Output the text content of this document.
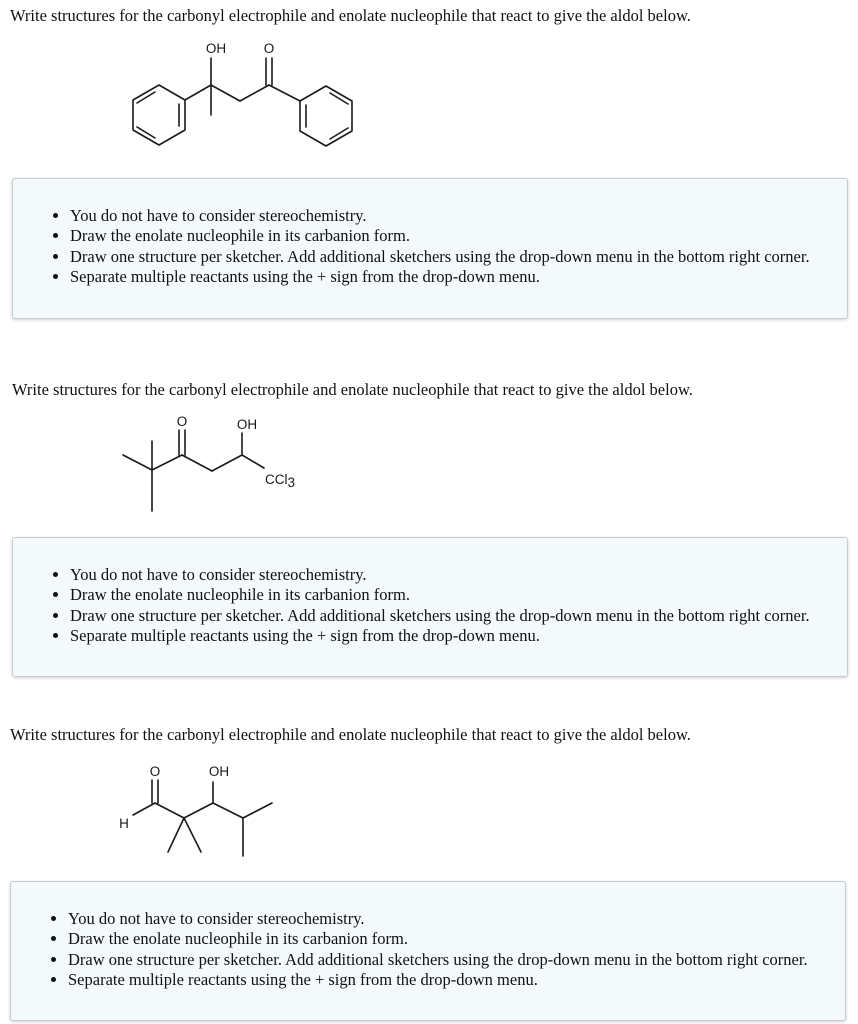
Write structures for the carbonyl electrophile and enolate nucleophile that react to give the aldol below.
OH	O
• You do not have to consider stereochemistry.
• Draw the enolate nucleophile in its carbanion form.
• Draw one structure per sketcher. Add additional sketchers using the drop-down menu in the bottom right corner.
• Separate multiple reactants using the + sign from the drop-down menu.
Write structures for the carbonyl electrophile and enolate nucleophile that react to give the aldol below.
O	OH
CCl3
• You do not have to consider stereochemistry.
• Draw the enolate nucleophile in its carbanion form.
• Draw one structure per sketcher. Add additional sketchers using the drop-down menu in the bottom right corner.
• Separate multiple reactants using the + sign from the drop-down menu.
Write structures for the carbonyl electrophile and enolate nucleophile that react to give the aldol below.
O	OH
H
• You do not have to consider stereochemistry.
• Draw the enolate nucleophile in its carbanion form.
• Draw one structure per sketcher. Add additional sketchers using the drop-down menu in the bottom right corner.
• Separate multiple reactants using the + sign from the drop-down menu.
